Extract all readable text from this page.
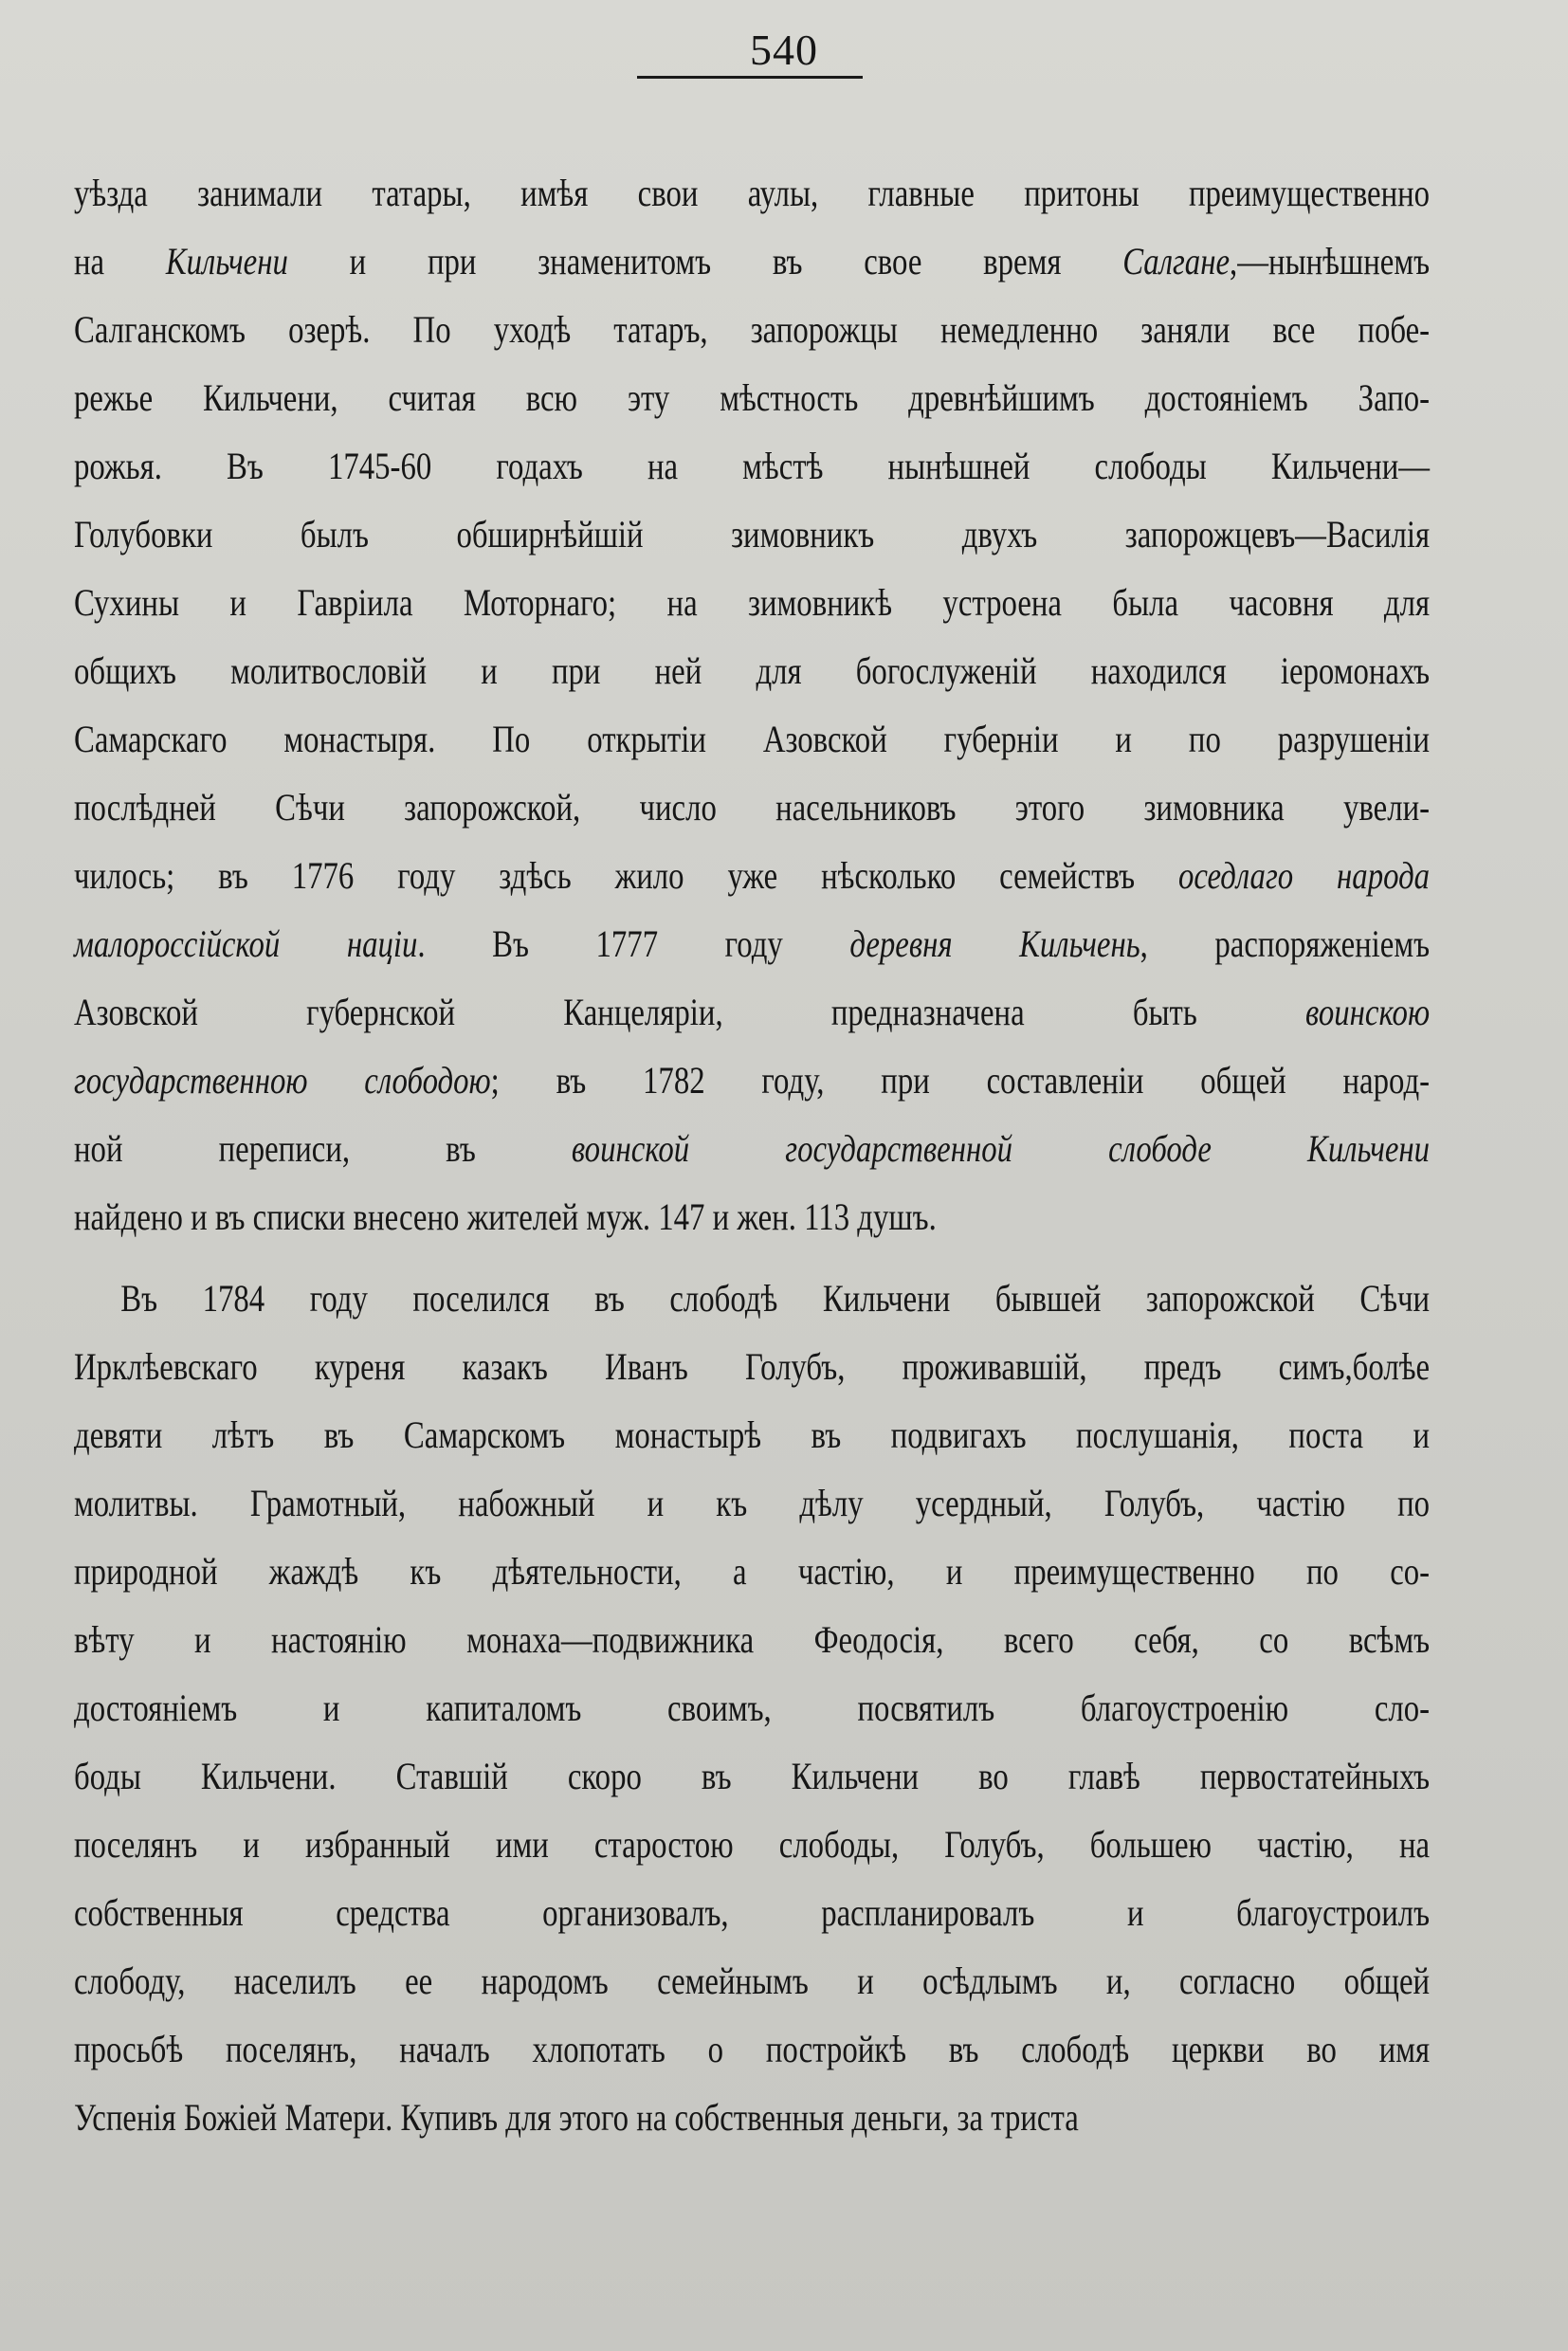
540
уѣзда занимали татары, имѣя свои аулы, главные притоны преимущественно
на Кильчени и при знаменитомъ въ свое время Салганe,—нынѣшнемъ
Салганскомъ озерѣ. По уходѣ татаръ, запорожцы немедленно заняли все побе-
режье Кильчени, считая всю эту мѣстность древнѣйшимъ достояніемъ Запо-
рожья. Въ 1745-60 годахъ на мѣстѣ нынѣшней слободы Кильчени—
Голубовки былъ обширнѣйшій зимовникъ двухъ запорожцевъ—Василія
Сухины и Гавріила Моторнаго; на зимовникѣ устроена была часовня для
общихъ молитвословій и при ней для богослуженій находился іеромонахъ
Самарскаго монастыря. По открытіи Азовской губерніи и по разрушеніи
послѣдней Сѣчи запорожской, число насельниковъ этого зимовника увели-
чилось; въ 1776 году здѣсь жило уже нѣсколько семействъ оседлаго народа
малороссійской націи. Въ 1777 году деревня Кильчень, распоряженіемъ
Азовской губернской Канцеляріи, предназначена быть воинскою
государственною слободою; въ 1782 году, при составленіи общей народ-
ной переписи, въ воинской государственной слободе Кильчени
найдено и въ списки внесено жителей муж. 147 и жен. 113 душъ.
Въ 1784 году поселился въ слободѣ Кильчени бывшей запорожской Сѣчи
Ирклѣевскаго куреня казакъ Иванъ Голубъ, проживавшій, предъ симъ,болѣе
девяти лѣтъ въ Самарскомъ монастырѣ въ подвигахъ послушанія, поста и
молитвы. Грамотный, набожный и къ дѣлу усердный, Голубъ, частію по
природной жаждѣ къ дѣятельности, а частію, и преимущественно по со-
вѣту и настоянію монаха—подвижника Феодосія, всего себя, со всѣмъ
достояніемъ и капиталомъ своимъ, посвятилъ благоустроенію сло-
боды Кильчени. Ставшій скоро въ Кильчени во главѣ первостатейныхъ
поселянъ и избранный ими старостою слободы, Голубъ, большею частію, на
собственныя средства организовалъ, распланировалъ и благоустроилъ
слободу, населилъ ее народомъ семейнымъ и осѣдлымъ и, согласно общей
просьбѣ поселянъ, началъ хлопотать о постройкѣ въ слободѣ церкви во имя
Успенія Божіей Матери. Купивъ для этого на собственныя деньги, за триста
